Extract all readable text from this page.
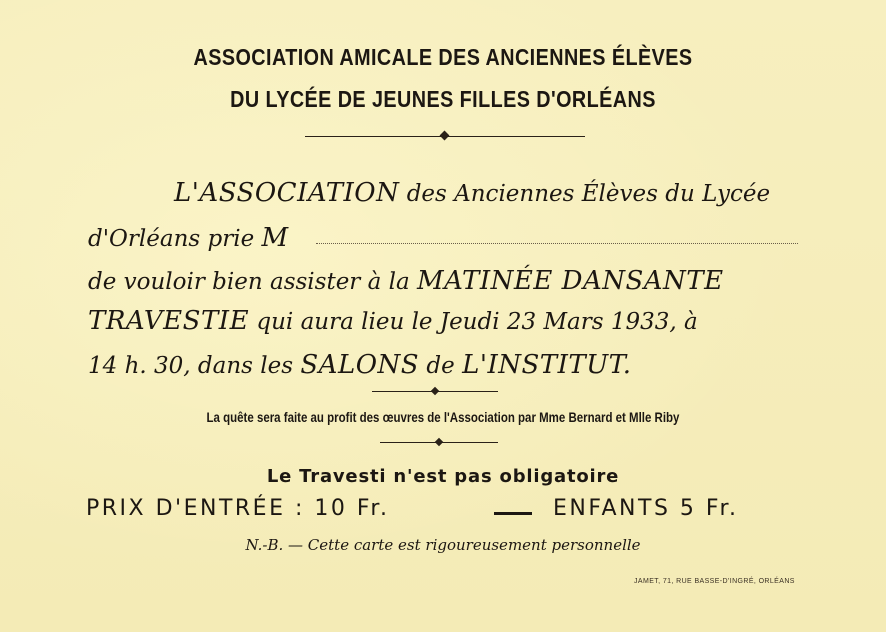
ASSOCIATION AMICALE DES ANCIENNES ÉLÈVES
DU LYCÉE DE JEUNES FILLES D'ORLÉANS
L'ASSOCIATION des Anciennes Élèves du Lycée
d'Orléans prie M
de vouloir bien assister à la MATINÉE DANSANTE
TRAVESTIE qui aura lieu le Jeudi 23 Mars 1933, à
14 h. 30, dans les SALONS de L'INSTITUT.
La quête sera faite au profit des œuvres de l'Association par Mme Bernard et Mlle Riby
Le Travesti n'est pas obligatoire
PRIX D'ENTRÉE : 10 Fr.	ENFANTS 5 Fr.
N.-B. — Cette carte est rigoureusement personnelle
JAMET, 71, RUE BASSE-D'INGRÉ, ORLÉANS
